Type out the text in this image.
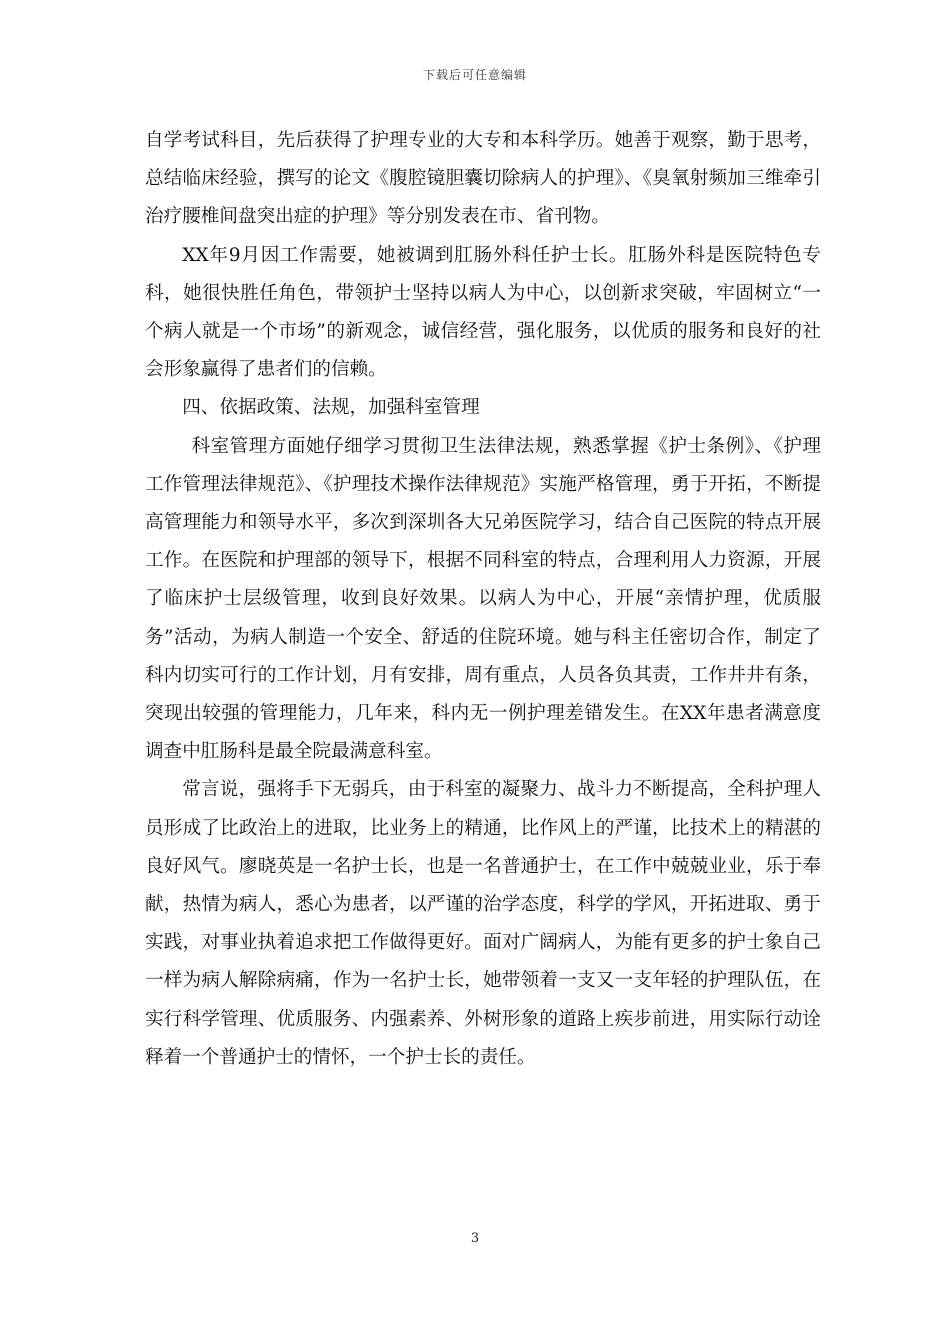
下载后可任意编辑

自学考试科目，先后获得了护理专业的大专和本科学历。她善于观察，勤于思考，总结临床经验，撰写的论文《腹腔镜胆囊切除病人的护理》、《臭氧射频加三维牵引治疗腰椎间盘突出症的护理》等分别发表在市、省刊物。

XX年9月因工作需要，她被调到肛肠外科任护士长。肛肠外科是医院特色专科，她很快胜任角色，带领护士坚持以病人为中心，以创新求突破，牢固树立“一个病人就是一个市场”的新观念，诚信经营，强化服务，以优质的服务和良好的社会形象赢得了患者们的信赖。

四、依据政策、法规，加强科室管理

科室管理方面她仔细学习贯彻卫生法律法规，熟悉掌握《护士条例》、《护理工作管理法律规范》、《护理技术操作法律规范》实施严格管理，勇于开拓，不断提高管理能力和领导水平，多次到深圳各大兄弟医院学习，结合自己医院的特点开展工作。在医院和护理部的领导下，根据不同科室的特点，合理利用人力资源，开展了临床护士层级管理，收到良好效果。以病人为中心，开展“亲情护理，优质服务”活动，为病人制造一个安全、舒适的住院环境。她与科主任密切合作，制定了科内切实可行的工作计划，月有安排，周有重点，人员各负其责，工作井井有条，突现出较强的管理能力，几年来，科内无一例护理差错发生。在XX年患者满意度调查中肛肠科是最全院最满意科室。

常言说，强将手下无弱兵，由于科室的凝聚力、战斗力不断提高，全科护理人员形成了比政治上的进取，比业务上的精通，比作风上的严谨，比技术上的精湛的良好风气。廖晓英是一名护士长，也是一名普通护士，在工作中兢兢业业，乐于奉献，热情为病人，悉心为患者，以严谨的治学态度，科学的学风，开拓进取、勇于实践，对事业执着追求把工作做得更好。面对广阔病人，为能有更多的护士象自己一样为病人解除病痛，作为一名护士长，她带领着一支又一支年轻的护理队伍，在实行科学管理、优质服务、内强素养、外树形象的道路上疾步前进，用实际行动诠释着一个普通护士的情怀，一个护士长的责任。

3
